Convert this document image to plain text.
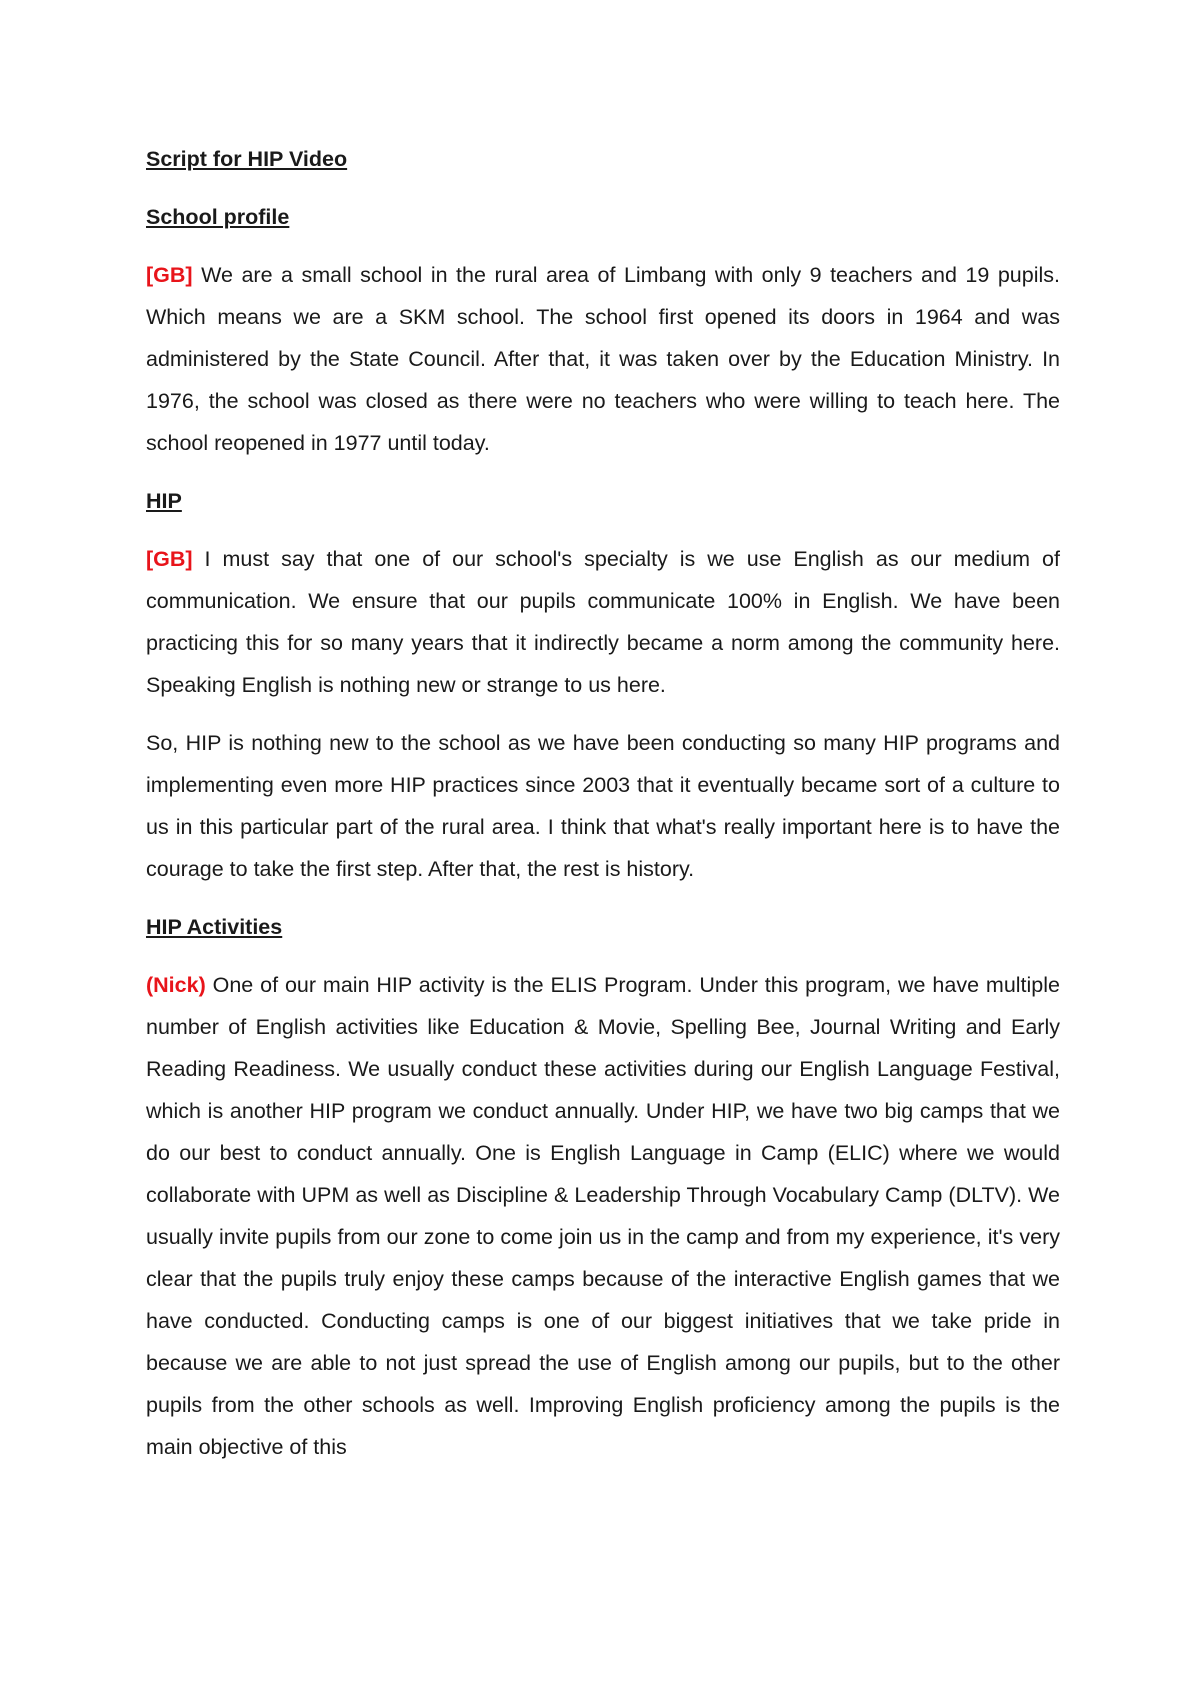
Script for HIP Video
School profile

[GB] We are a small school in the rural area of Limbang with only 9 teachers and 19 pupils. Which means we are a SKM school. The school first opened its doors in 1964 and was administered by the State Council. After that, it was taken over by the Education Ministry. In 1976, the school was closed as there were no teachers who were willing to teach here. The school reopened in 1977 until today.

HIP

[GB] I must say that one of our school's specialty is we use English as our medium of communication. We ensure that our pupils communicate 100% in English. We have been practicing this for so many years that it indirectly became a norm among the community here. Speaking English is nothing new or strange to us here.

So, HIP is nothing new to the school as we have been conducting so many HIP programs and implementing even more HIP practices since 2003 that it eventually became sort of a culture to us in this particular part of the rural area. I think that what's really important here is to have the courage to take the first step. After that, the rest is history.

HIP Activities

(Nick) One of our main HIP activity is the ELIS Program. Under this program, we have multiple number of English activities like Education & Movie, Spelling Bee, Journal Writing and Early Reading Readiness. We usually conduct these activities during our English Language Festival, which is another HIP program we conduct annually. Under HIP, we have two big camps that we do our best to conduct annually. One is English Language in Camp (ELIC) where we would collaborate with UPM as well as Discipline & Leadership Through Vocabulary Camp (DLTV). We usually invite pupils from our zone to come join us in the camp and from my experience, it's very clear that the pupils truly enjoy these camps because of the interactive English games that we have conducted. Conducting camps is one of our biggest initiatives that we take pride in because we are able to not just spread the use of English among our pupils, but to the other pupils from the other schools as well. Improving English proficiency among the pupils is the main objective of this
